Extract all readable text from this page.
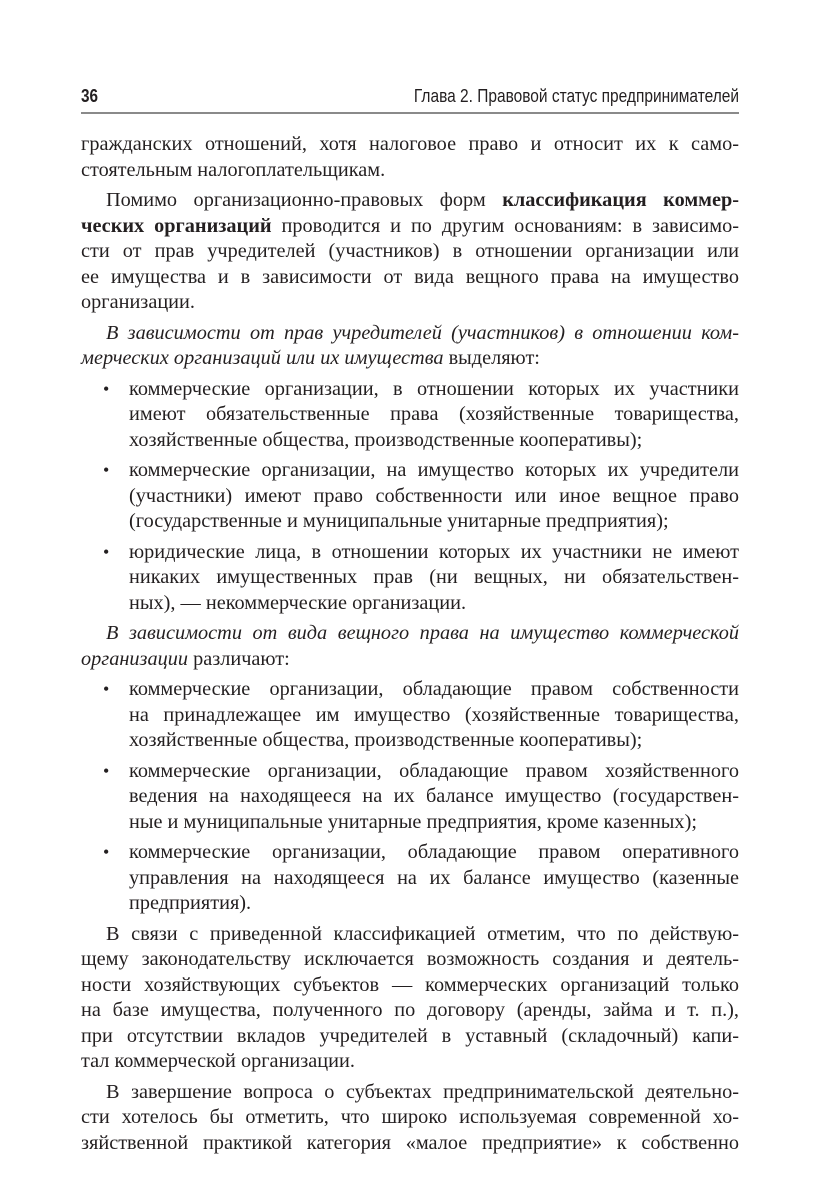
36	Глава 2. Правовой статус предпринимателей
гражданских отношений, хотя налоговое право и относит их к само-
стоятельным налогоплательщикам.
Помимо организационно-правовых форм классификация коммер-
ческих организаций проводится и по другим основаниям: в зависимо-
сти от прав учредителей (участников) в отношении организации или
ее имущества и в зависимости от вида вещного права на имущество
организации.
В зависимости от прав учредителей (участников) в отношении ком-
мерческих организаций или их имущества выделяют:
• коммерческие организации, в отношении которых их участники
имеют обязательственные права (хозяйственные товарищества,
хозяйственные общества, производственные кооперативы);
• коммерческие организации, на имущество которых их учредители
(участники) имеют право собственности или иное вещное право
(государственные и муниципальные унитарные предприятия);
• юридические лица, в отношении которых их участники не имеют
никаких имущественных прав (ни вещных, ни обязательствен-
ных), — некоммерческие организации.
В зависимости от вида вещного права на имущество коммерческой
организации различают:
• коммерческие организации, обладающие правом собственности
на принадлежащее им имущество (хозяйственные товарищества,
хозяйственные общества, производственные кооперативы);
• коммерческие организации, обладающие правом хозяйственного
ведения на находящееся на их балансе имущество (государствен-
ные и муниципальные унитарные предприятия, кроме казенных);
• коммерческие организации, обладающие правом оперативного
управления на находящееся на их балансе имущество (казенные
предприятия).
В связи с приведенной классификацией отметим, что по действую-
щему законодательству исключается возможность создания и деятель-
ности хозяйствующих субъектов — коммерческих организаций только
на базе имущества, полученного по договору (аренды, займа и т. п.),
при отсутствии вкладов учредителей в уставный (складочный) капи-
тал коммерческой организации.
В завершение вопроса о субъектах предпринимательской деятельно-
сти хотелось бы отметить, что широко используемая современной хо-
зяйственной практикой категория «малое предприятие» к собственно
